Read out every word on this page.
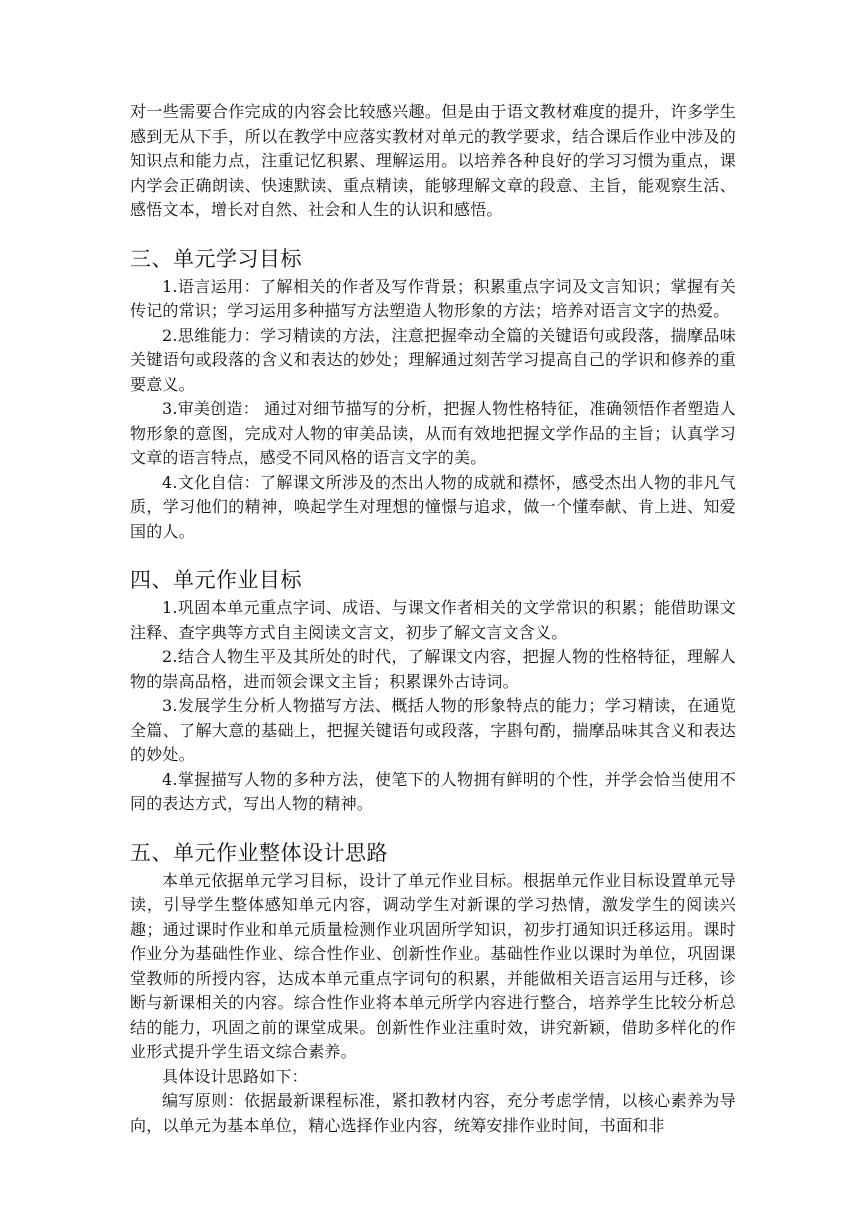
对一些需要合作完成的内容会比较感兴趣。但是由于语文教材难度的提升，许多学生感到无从下手，所以在教学中应落实教材对单元的教学要求，结合课后作业中涉及的知识点和能力点，注重记忆积累、理解运用。以培养各种良好的学习习惯为重点，课内学会正确朗读、快速默读、重点精读，能够理解文章的段意、主旨，能观察生活、感悟文本，增长对自然、社会和人生的认识和感悟。

三、单元学习目标

1.语言运用：了解相关的作者及写作背景；积累重点字词及文言知识；掌握有关传记的常识；学习运用多种描写方法塑造人物形象的方法；培养对语言文字的热爱。

2.思维能力：学习精读的方法，注意把握牵动全篇的关键语句或段落，揣摩品味关键语句或段落的含义和表达的妙处；理解通过刻苦学习提高自己的学识和修养的重要意义。

3.审美创造： 通过对细节描写的分析，把握人物性格特征，准确领悟作者塑造人物形象的意图，完成对人物的审美品读，从而有效地把握文学作品的主旨；认真学习文章的语言特点，感受不同风格的语言文字的美。

4.文化自信：了解课文所涉及的杰出人物的成就和襟怀，感受杰出人物的非凡气质，学习他们的精神，唤起学生对理想的憧憬与追求，做一个懂奉献、肯上进、知爱国的人。

四、单元作业目标

1.巩固本单元重点字词、成语、与课文作者相关的文学常识的积累；能借助课文注释、查字典等方式自主阅读文言文，初步了解文言文含义。

2.结合人物生平及其所处的时代，了解课文内容，把握人物的性格特征，理解人物的崇高品格，进而领会课文主旨；积累课外古诗词。

3.发展学生分析人物描写方法、概括人物的形象特点的能力；学习精读，在通览全篇、了解大意的基础上，把握关键语句或段落，字斟句酌，揣摩品味其含义和表达的妙处。

4.掌握描写人物的多种方法，使笔下的人物拥有鲜明的个性，并学会恰当使用不同的表达方式，写出人物的精神。

五、单元作业整体设计思路

本单元依据单元学习目标，设计了单元作业目标。根据单元作业目标设置单元导读，引导学生整体感知单元内容，调动学生对新课的学习热情，激发学生的阅读兴趣；通过课时作业和单元质量检测作业巩固所学知识，初步打通知识迁移运用。课时作业分为基础性作业、综合性作业、创新性作业。基础性作业以课时为单位，巩固课堂教师的所授内容，达成本单元重点字词句的积累，并能做相关语言运用与迁移，诊断与新课相关的内容。综合性作业将本单元所学内容进行整合，培养学生比较分析总结的能力，巩固之前的课堂成果。创新性作业注重时效，讲究新颖，借助多样化的作业形式提升学生语文综合素养。

具体设计思路如下：

编写原则：依据最新课程标准，紧扣教材内容，充分考虑学情，以核心素养为导向，以单元为基本单位，精心选择作业内容，统筹安排作业时间，书面和非
